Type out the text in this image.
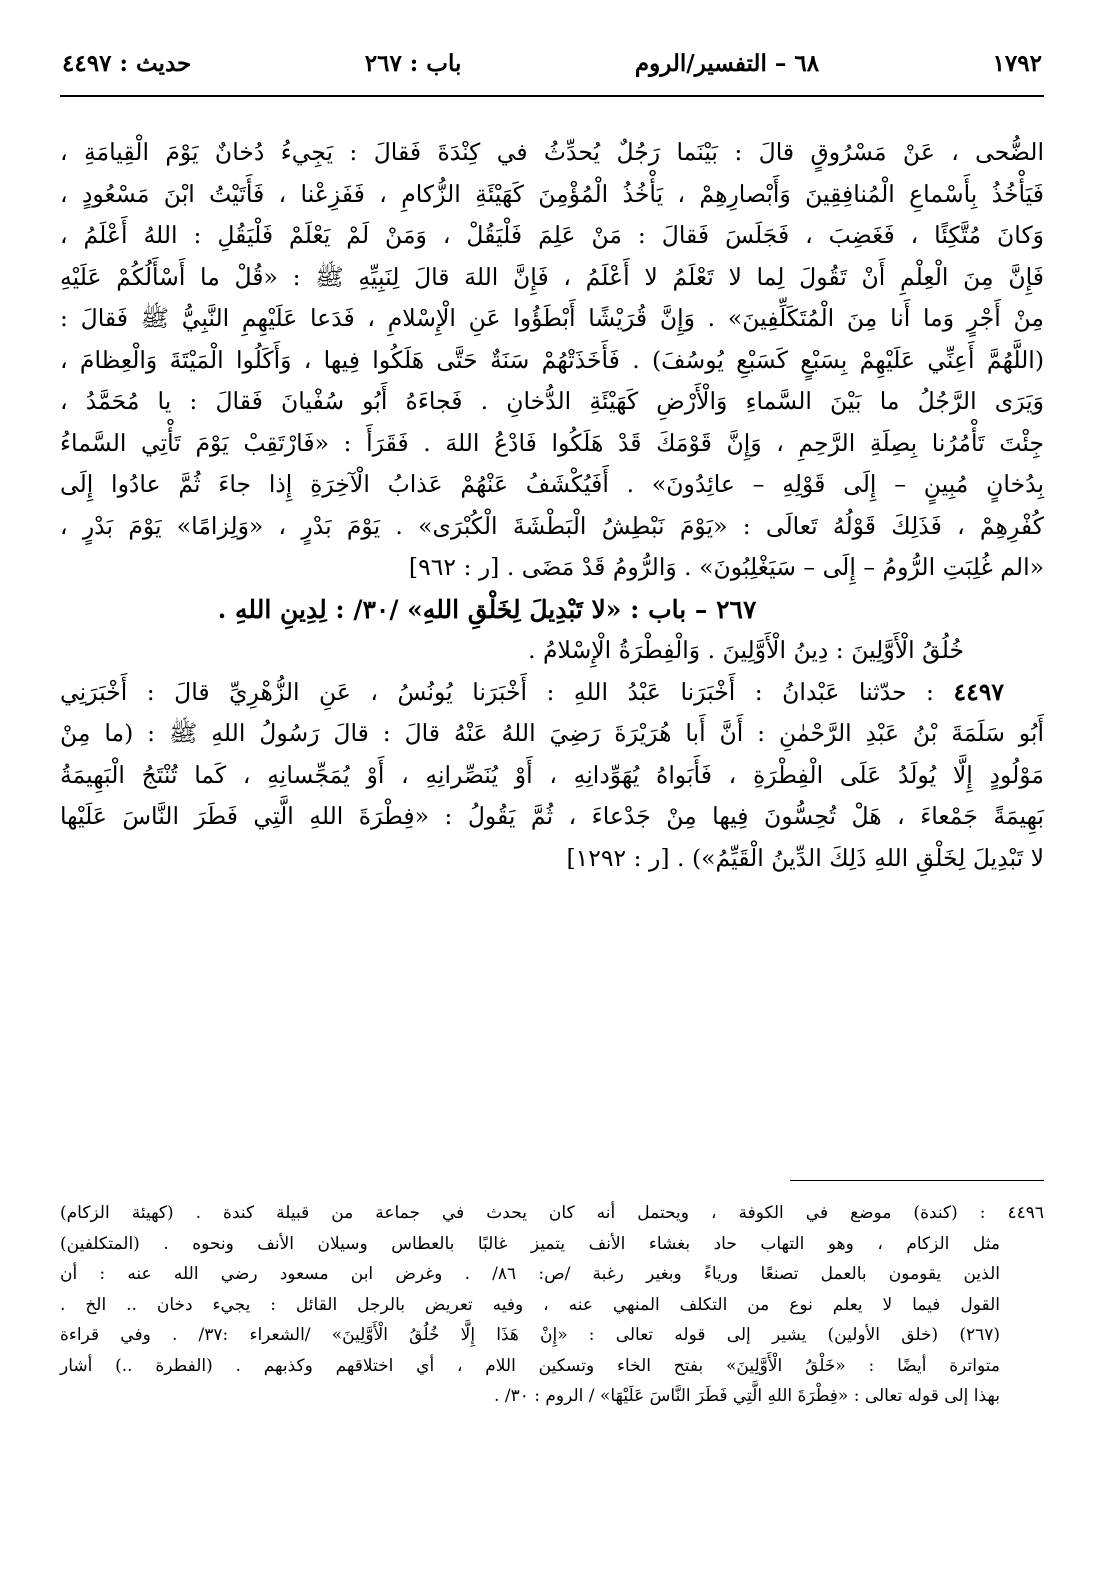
١٧٩٢
٦٨ – التفسير/الروم
باب : ٢٦٧
حديث : ٤٤٩٧
الضُّحى ، عَنْ مَسْرُوقٍ قالَ : بَيْنَما رَجُلٌ يُحدِّثُ في كِنْدَةَ فَقالَ : يَجِيءُ دُخانٌ يَوْمَ الْقِيامَةِ ،
فَيَأْخُذُ بِأَسْماعِ الْمُنافِقِينَ وَأَبْصارِهِمْ ، يَأْخُذُ الْمُؤْمِنَ كَهَيْئَةِ الزُّكامِ ، فَفَزِعْنا ، فَأَتَيْتُ ابْنَ مَسْعُودٍ ،
وَكانَ مُتَّكِئًا ، فَغَضِبَ ، فَجَلَسَ فَقالَ : مَنْ عَلِمَ فَلْيَقُلْ ، وَمَنْ لَمْ يَعْلَمْ فَلْيَقُلِ : اللهُ أَعْلَمُ ،
فَإِنَّ مِنَ الْعِلْمِ أَنْ تَقُولَ لِما لا تَعْلَمُ لا أَعْلَمُ ، فَإِنَّ اللهَ قالَ لِنَبِيِّهِ ﷺ : «قُلْ ما أَسْأَلُكُمْ عَلَيْهِ
مِنْ أَجْرٍ وَما أَنا مِنَ الْمُتَكَلِّفِينَ» . وَإِنَّ قُرَيْشًا أَبْطَؤُوا عَنِ الْإِسْلامِ ، فَدَعا عَلَيْهِمِ النَّبِيُّ ﷺ فَقالَ :
(اللَّهُمَّ أَعِنِّي عَلَيْهِمْ بِسَبْعٍ كَسَبْعِ يُوسُفَ) . فَأَخَذَتْهُمْ سَنَةٌ حَتَّى هَلَكُوا فِيها ، وَأَكَلُوا الْمَيْتَةَ وَالْعِظامَ ،
وَيَرَى الرَّجُلُ ما بَيْنَ السَّماءِ وَالْأَرْضِ كَهَيْئَةِ الدُّخانِ . فَجاءَهُ أَبُو سُفْيانَ فَقالَ : يا مُحَمَّدُ ،
جِئْتَ تَأْمُرُنا بِصِلَةِ الرَّحِمِ ، وَإِنَّ قَوْمَكَ قَدْ هَلَكُوا فَادْعُ اللهَ . فَقَرَأَ : «فَارْتَقِبْ يَوْمَ تَأْتِي السَّماءُ
بِدُخانٍ مُبِينٍ – إِلَى قَوْلِهِ – عائِدُونَ» . أَفَيُكْشَفُ عَنْهُمْ عَذابُ الْآخِرَةِ إِذا جاءَ ثُمَّ عادُوا إِلَى
كُفْرِهِمْ ، فَذَلِكَ قَوْلُهُ تَعالَى : «يَوْمَ نَبْطِشُ الْبَطْشَةَ الْكُبْرَى» . يَوْمَ بَدْرٍ ، «وَلِزامًا» يَوْمَ بَدْرٍ ،
«الم غُلِبَتِ الرُّومُ – إِلَى – سَيَغْلِبُونَ» . وَالرُّومُ قَدْ مَضَى . [ر : ٩٦٢]
٢٦٧ – باب : «لا تَبْدِيلَ لِخَلْقِ اللهِ» /٣٠/ : لِدِينِ اللهِ .
خُلُقُ الْأَوَّلِينَ : دِينُ الْأَوَّلِينَ . وَالْفِطْرَةُ الْإِسْلامُ .
٤٤٩٧ : حدّثنا عَبْدانُ : أَخْبَرَنا عَبْدُ اللهِ : أَخْبَرَنا يُونُسُ ، عَنِ الزُّهْرِيِّ قالَ : أَخْبَرَنِي
أَبُو سَلَمَةَ بْنُ عَبْدِ الرَّحْمٰنِ : أَنَّ أَبا هُرَيْرَةَ رَضِيَ اللهُ عَنْهُ قالَ : قالَ رَسُولُ اللهِ ﷺ : (ما مِنْ
مَوْلُودٍ إِلَّا يُولَدُ عَلَى الْفِطْرَةِ ، فَأَبَواهُ يُهَوِّدانِهِ ، أَوْ يُنَصِّرانِهِ ، أَوْ يُمَجِّسانِهِ ، كَما تُنْتَجُ الْبَهِيمَةُ
بَهِيمَةً جَمْعاءَ ، هَلْ تُحِسُّونَ فِيها مِنْ جَدْعاءَ ، ثُمَّ يَقُولُ : «فِطْرَةَ اللهِ الَّتِي فَطَرَ النَّاسَ عَلَيْها
لا تَبْدِيلَ لِخَلْقِ اللهِ ذَلِكَ الدِّينُ الْقَيِّمُ») . [ر : ١٢٩٢]
٤٤٩٦ : (كندة) موضع في الكوفة ، ويحتمل أنه كان يحدث في جماعة من قبيلة كندة . (كهيئة الزكام)
مثل الزكام ، وهو التهاب حاد بغشاء الأنف يتميز غالبًا بالعطاس وسيلان الأنف ونحوه . (المتكلفين)
الذين يقومون بالعمل تصنعًا ورياءً وبغير رغبة /ص: ٨٦/ . وغرض ابن مسعود رضي الله عنه : أن
القول فيما لا يعلم نوع من التكلف المنهي عنه ، وفيه تعريض بالرجل القائل : يجيء دخان .. الخ .
(٢٦٧) (خلق الأولين) يشير إلى قوله تعالى : «إِنْ هَذَا إِلَّا خُلُقُ الْأَوَّلِينَ» /الشعراء :٣٧/ . وفي قراءة
متواترة أيضًا : «خَلْقُ الْأَوَّلِينَ» بفتح الخاء وتسكين اللام ، أي اختلاقهم وكذبهم . (الفطرة ..) أشار
بهذا إلى قوله تعالى : «فِطْرَةَ اللهِ الَّتِي فَطَرَ النَّاسَ عَلَيْهَا» / الروم : ٣٠/ .
